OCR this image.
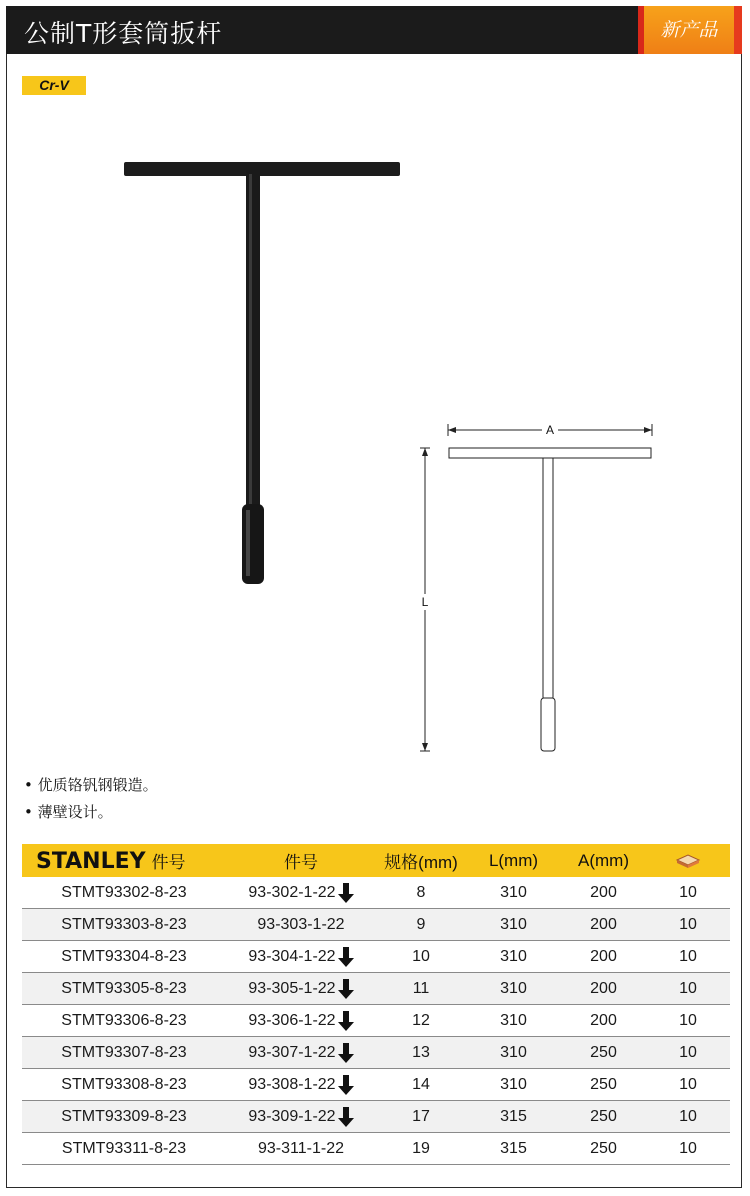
公制T形套筒扳杆	新产品
Cr-V
A
L
• 优质铬钒钢锻造。
• 薄壁设计。
STANLEY 件号	件号	规格(mm)	L(mm)	A(mm)	
STMT93302-8-23	93-302-1-22	8	310	200	10
STMT93303-8-23	93-303-1-22	9	310	200	10
STMT93304-8-23	93-304-1-22	10	310	200	10
STMT93305-8-23	93-305-1-22	11	310	200	10
STMT93306-8-23	93-306-1-22	12	310	200	10
STMT93307-8-23	93-307-1-22	13	310	250	10
STMT93308-8-23	93-308-1-22	14	310	250	10
STMT93309-8-23	93-309-1-22	17	315	250	10
STMT93311-8-23	93-311-1-22	19	315	250	10
